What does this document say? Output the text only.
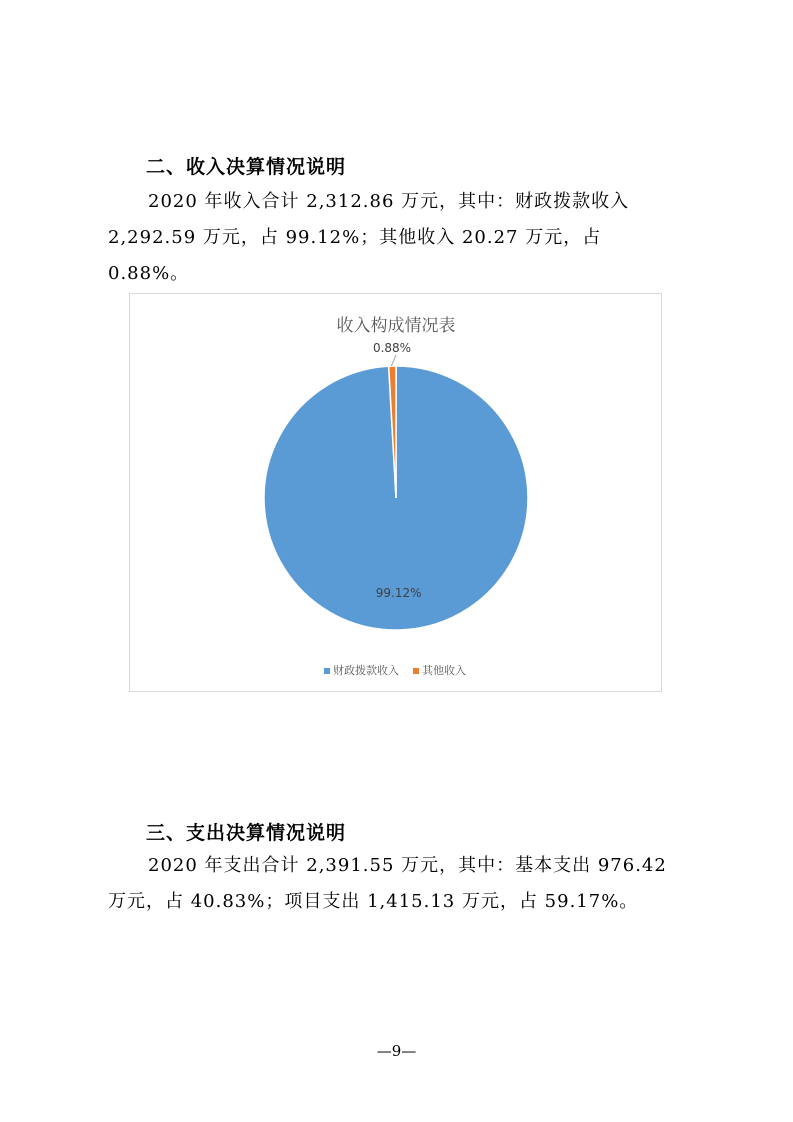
二、收入决算情况说明

2020 年收入合计 2,312.86 万元，其中：财政拨款收入 2,292.59 万元，占 99.12%；其他收入 20.27 万元，占 0.88%。

收入构成情况表
99.12%
0.88%
财政拨款收入 其他收入
三、支出决算情况说明

2020 年支出合计 2,391.55 万元，其中：基本支出 976.42 万元，占 40.83%；项目支出 1,415.13 万元，占 59.17%。

—9—
